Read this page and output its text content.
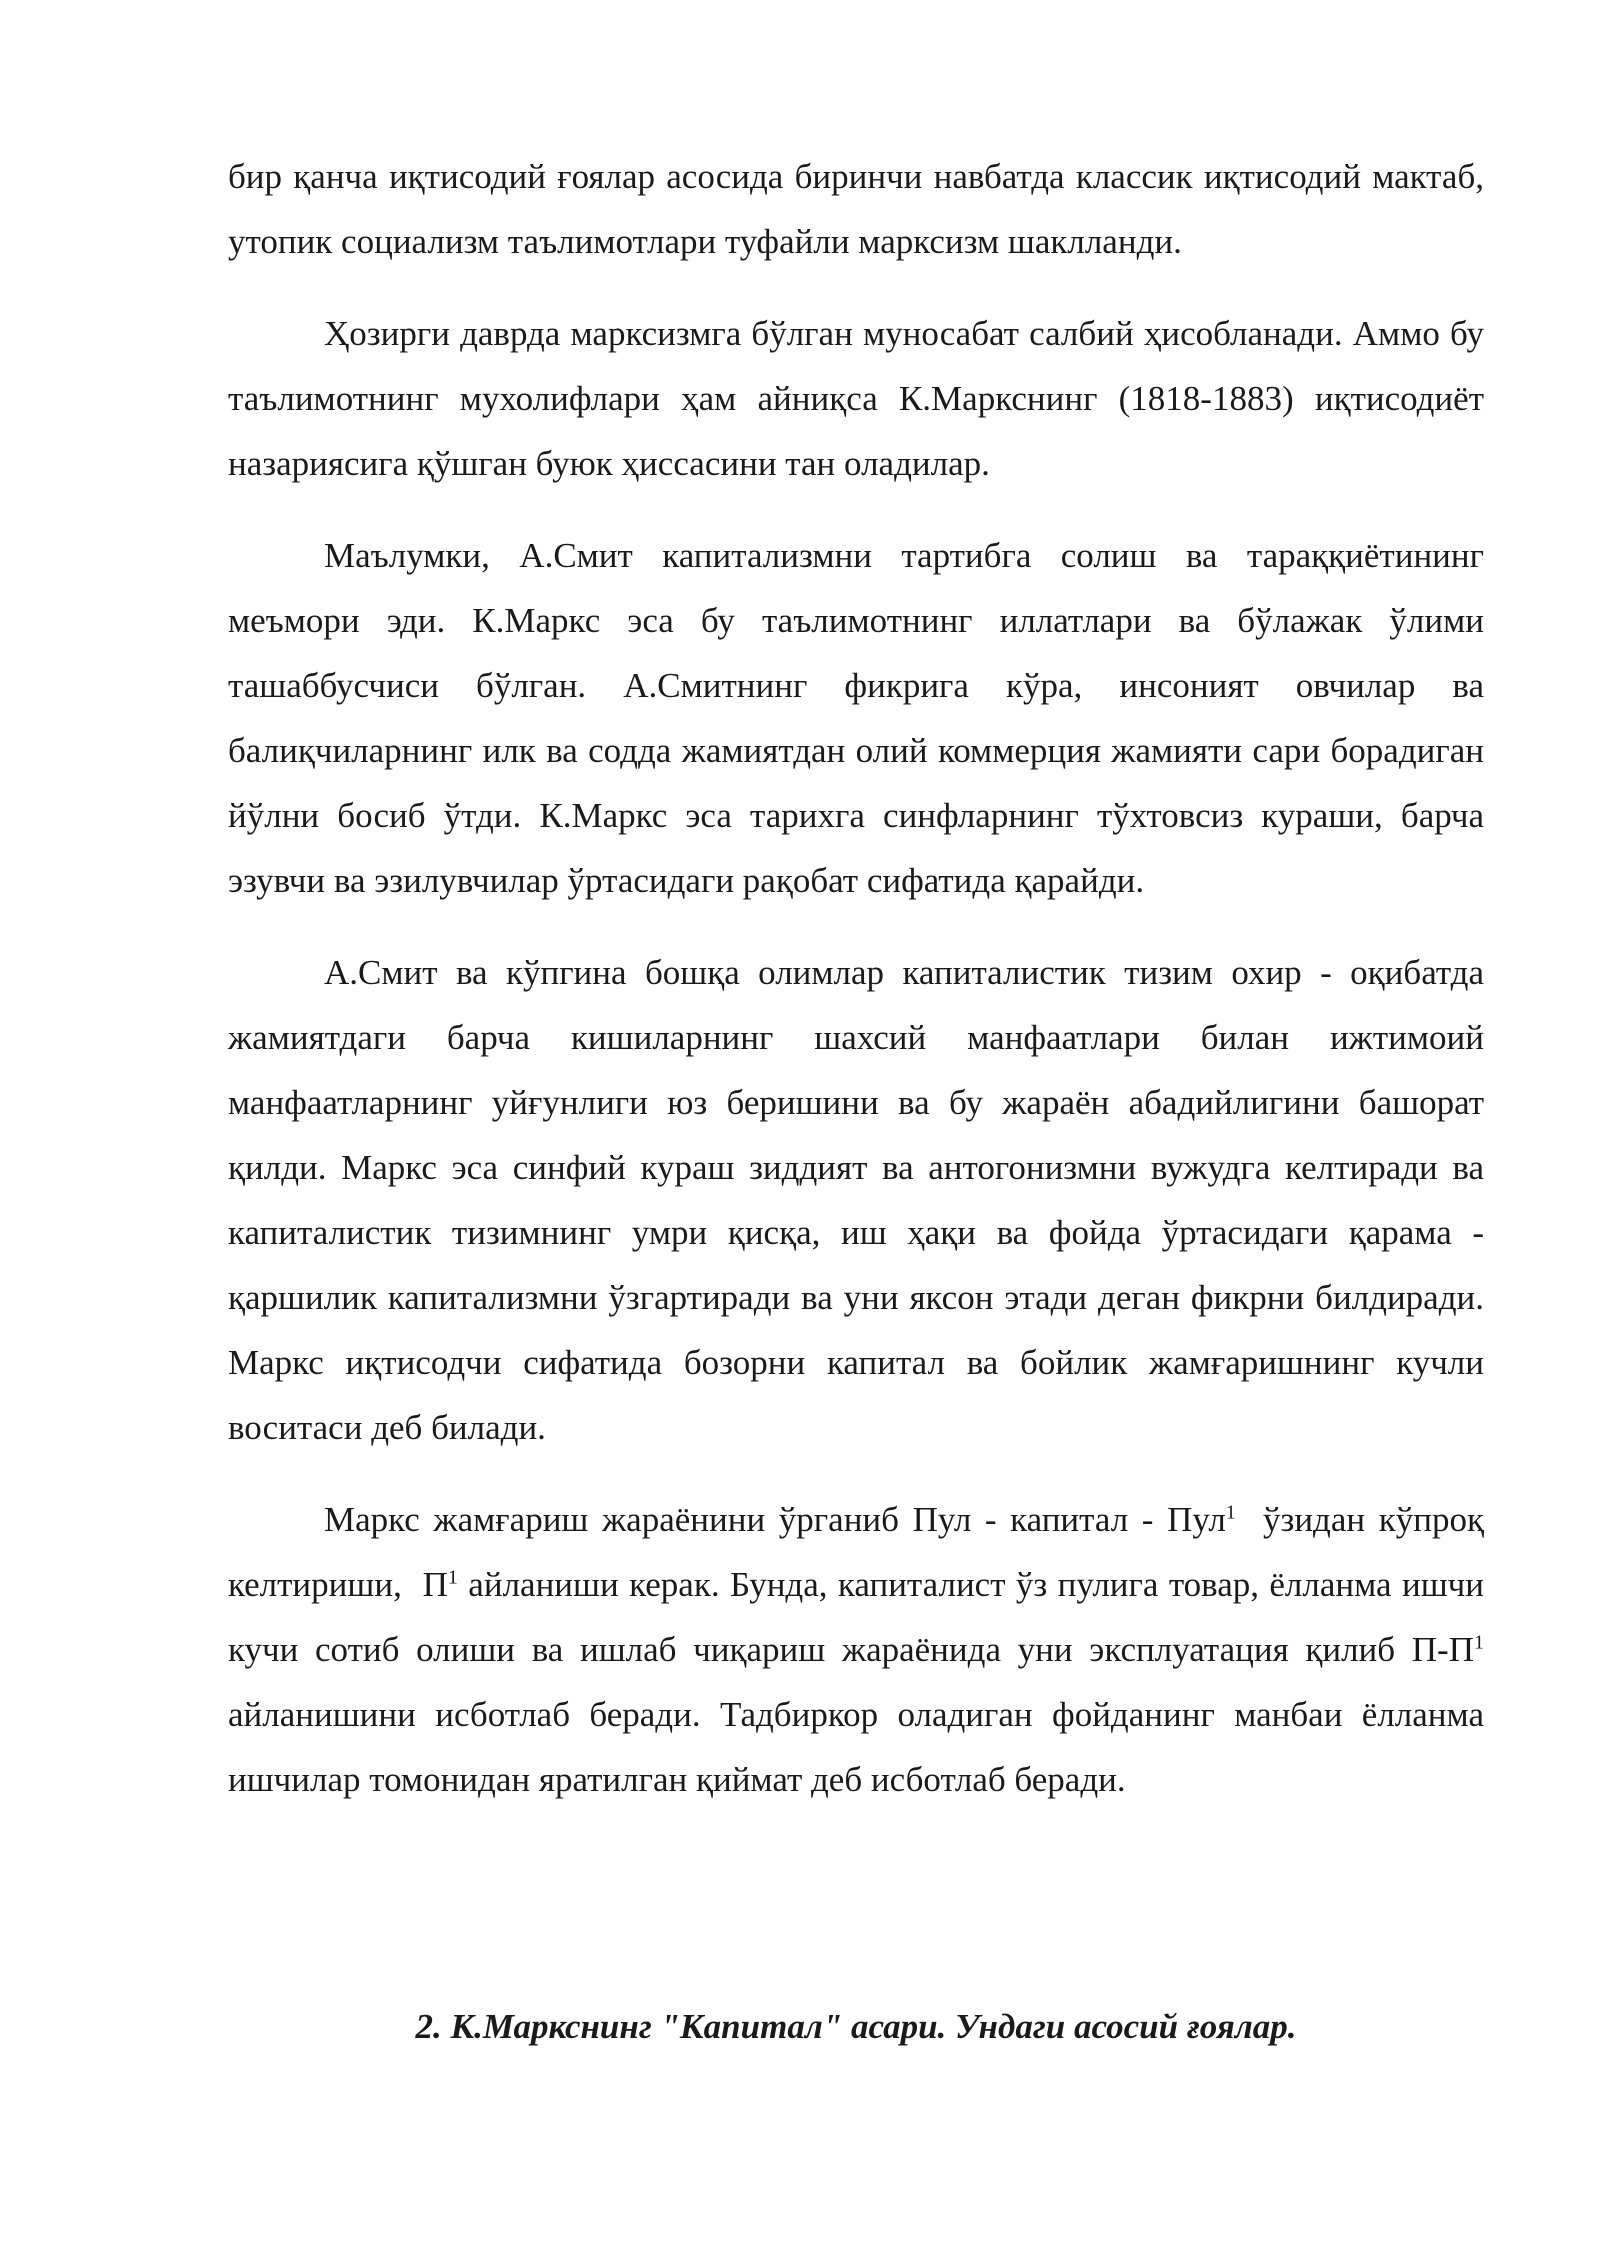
бир қанча иқтисодий ғоялар асосида биринчи навбатда классик иқтисодий мактаб, утопик социализм таълимотлари туфайли марксизм шаклланди.

Ҳозирги даврда марксизмга бўлган муносабат салбий ҳисобланади. Аммо бу таълимотнинг мухолифлари ҳам айниқса К.Маркснинг (1818-1883) иқтисодиёт назариясига қўшган буюк ҳиссасини тан оладилар.

Маълумки, А.Смит капитализмни тартибга солиш ва тараққиётининг меъмори эди. К.Маркс эса бу таълимотнинг иллатлари ва бўлажак ўлими ташаббусчиси бўлган. А.Смитнинг фикрига кўра, инсоният овчилар ва балиқчиларнинг илк ва содда жамиятдан олий коммерция жамияти сари борадиган йўлни босиб ўтди. К.Маркс эса тарихга синфларнинг тўхтовсиз кураши, барча эзувчи ва эзилувчилар ўртасидаги рақобат сифатида қарайди.

А.Смит ва кўпгина бошқа олимлар капиталистик тизим охир - оқибатда жамиятдаги барча кишиларнинг шахсий манфаатлари билан ижтимоий манфаатларнинг уйғунлиги юз беришини ва бу жараён абадийлигини башорат қилди. Маркс эса синфий кураш зиддият ва антогонизмни вужудга келтиради ва капиталистик тизимнинг умри қисқа, иш ҳақи ва фойда ўртасидаги қарама - қаршилик капитализмни ўзгартиради ва уни яксон этади деган фикрни билдиради. Маркс иқтисодчи сифатида бозорни капитал ва бойлик жамғаришнинг кучли воситаси деб билади.

Маркс жамғариш жараёнини ўрганиб Пул - капитал - Пул$^1$  ўзидан кўпроқ келтириши,  $П^1$ айланиши керак. Бунда, капиталист ўз пулига товар, ёлланма ишчи кучи сотиб олиши ва ишлаб чиқариш жараёнида уни эксплуатация қилиб $П-П^1$  айланишини исботлаб беради. Тадбиркор оладиган фойданинг манбаи ёлланма ишчилар томонидан яратилган қиймат деб исботлаб беради.

2. К.Маркснинг "Капитал" асари. Ундаги асосий ғоялар.
